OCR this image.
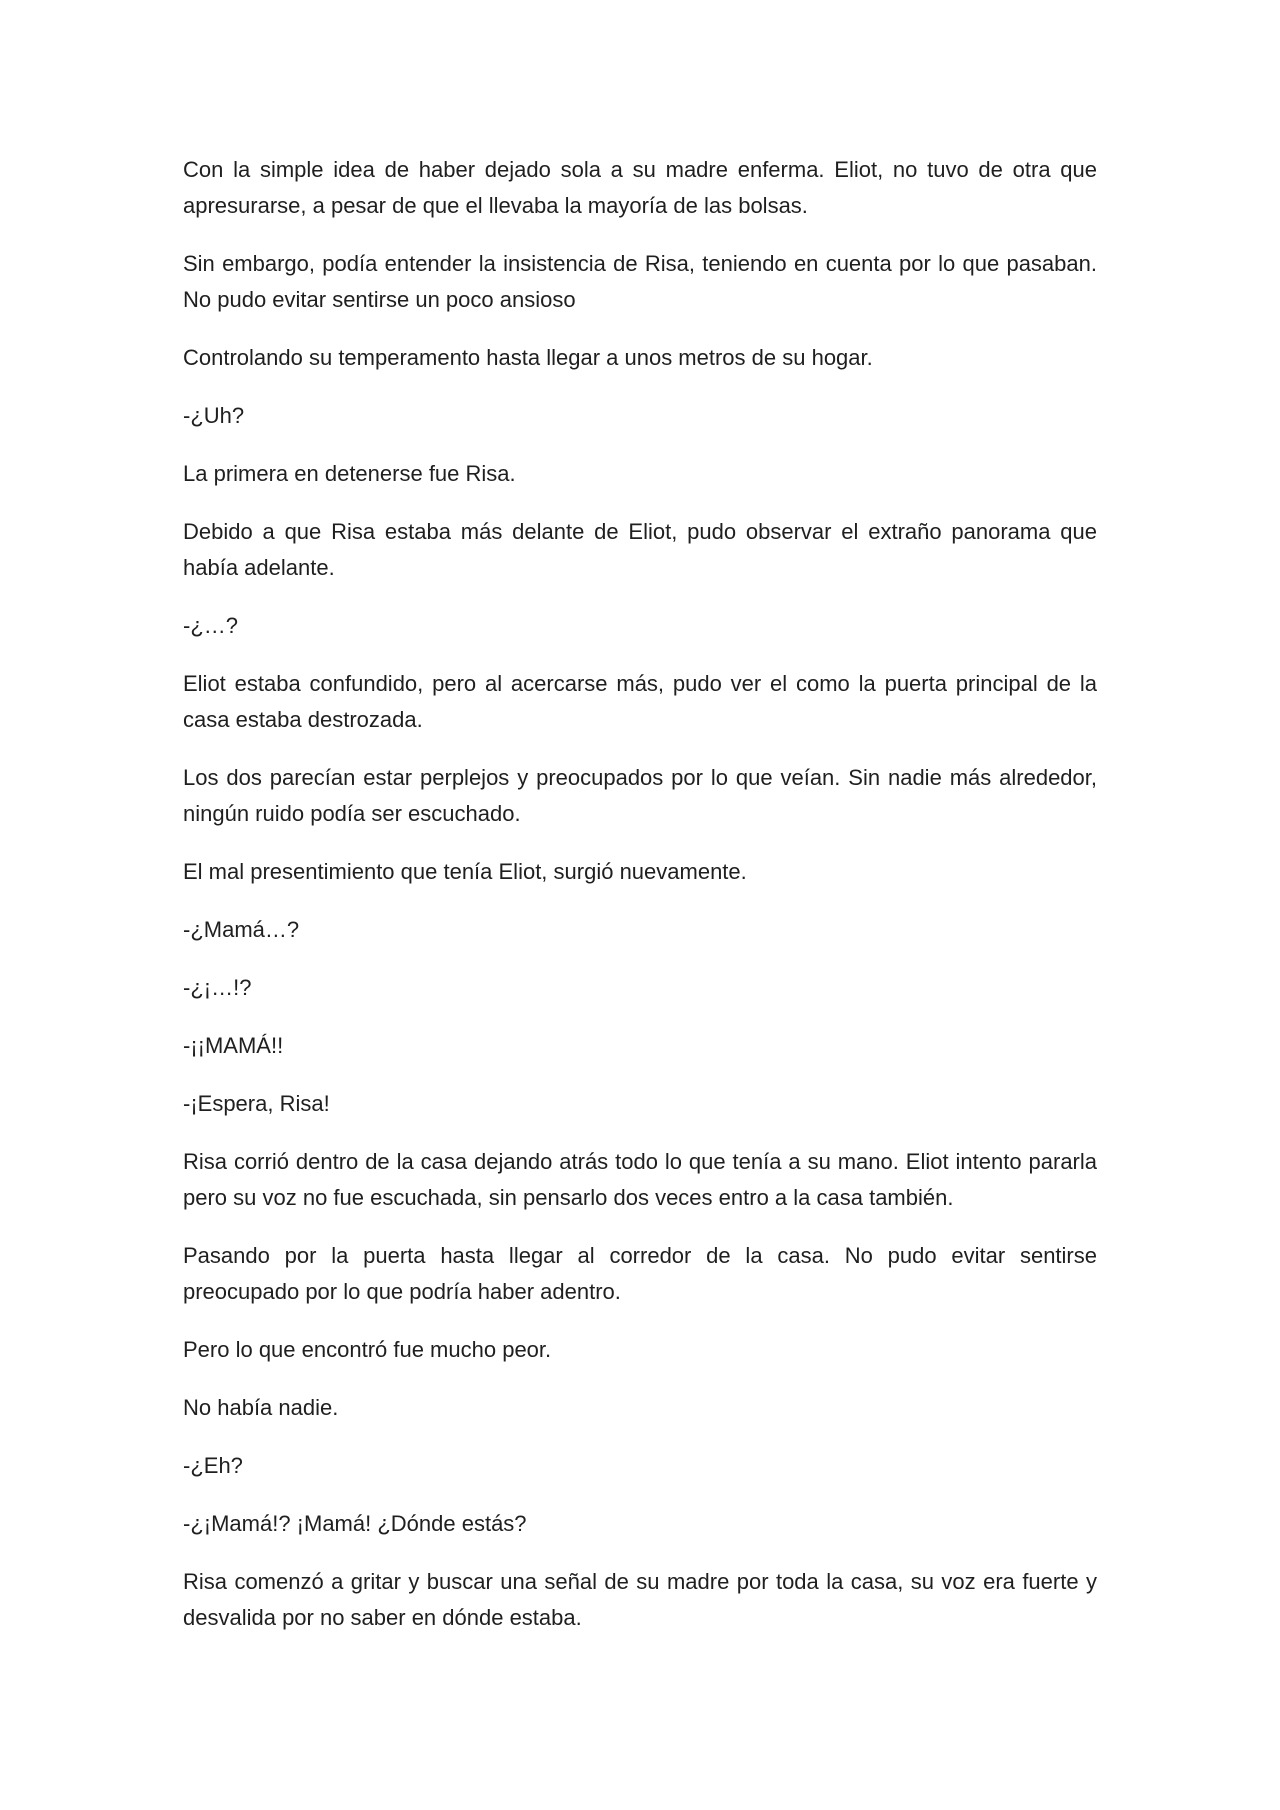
Con la simple idea de haber dejado sola a su madre enferma. Eliot, no tuvo de otra que apresurarse, a pesar de que el llevaba la mayoría de las bolsas.

Sin embargo, podía entender la insistencia de Risa, teniendo en cuenta por lo que pasaban. No pudo evitar sentirse un poco ansioso

Controlando su temperamento hasta llegar a unos metros de su hogar.

-¿Uh?

La primera en detenerse fue Risa.

Debido a que Risa estaba más delante de Eliot, pudo observar el extraño panorama que había adelante.

-¿…?

Eliot estaba confundido, pero al acercarse más, pudo ver el como la puerta principal de la casa estaba destrozada.

Los dos parecían estar perplejos y preocupados por lo que veían. Sin nadie más alrededor, ningún ruido podía ser escuchado.

El mal presentimiento que tenía Eliot, surgió nuevamente.

-¿Mamá…?

-¿¡…!?

-¡¡MAMÁ!!

-¡Espera, Risa!

Risa corrió dentro de la casa dejando atrás todo lo que tenía a su mano. Eliot intento pararla pero su voz no fue escuchada, sin pensarlo dos veces entro a la casa también.

Pasando por la puerta hasta llegar al corredor de la casa. No pudo evitar sentirse preocupado por lo que podría haber adentro.

Pero lo que encontró fue mucho peor.

No había nadie.

-¿Eh?

-¿¡Mamá!? ¡Mamá! ¿Dónde estás?

Risa comenzó a gritar y buscar una señal de su madre por toda la casa, su voz era fuerte y desvalida por no saber en dónde estaba.
